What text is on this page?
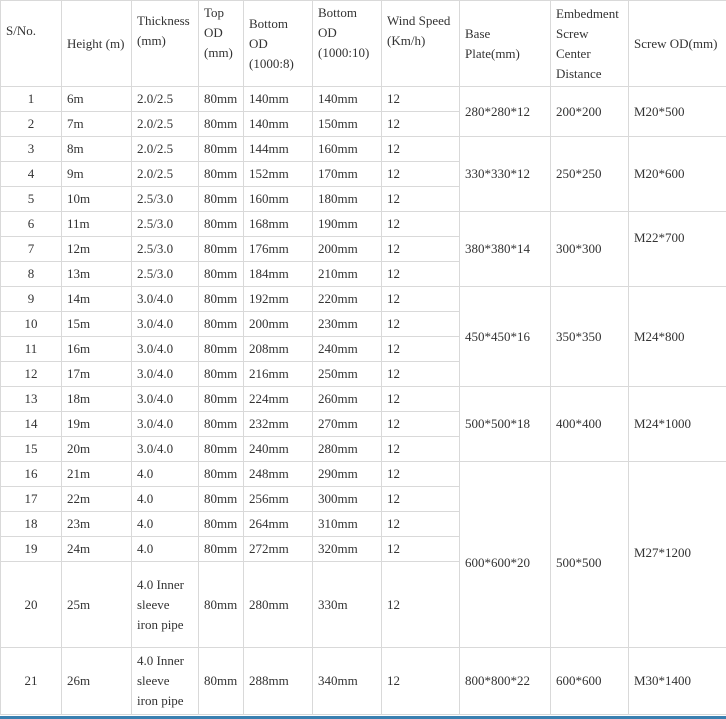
S/No.	Height (m)	Thickness (mm)	Top OD (mm)	Bottom OD (1000:8)	Bottom OD (1000:10)	Wind Speed (Km/h)	Base Plate(mm)	Embedment Screw Center Distance	Screw OD(mm)
1	6m	2.0/2.5	80mm	140mm	140mm	12	280*280*12	200*200	M20*500
2	7m	2.0/2.5	80mm	140mm	150mm	12			
3	8m	2.0/2.5	80mm	144mm	160mm	12	330*330*12	250*250	M20*600
4	9m	2.0/2.5	80mm	152mm	170mm	12			
5	10m	2.5/3.0	80mm	160mm	180mm	12			
6	11m	2.5/3.0	80mm	168mm	190mm	12	380*380*14	300*300	M22*700
7	12m	2.5/3.0	80mm	176mm	200mm	12			
8	13m	2.5/3.0	80mm	184mm	210mm	12			
9	14m	3.0/4.0	80mm	192mm	220mm	12	450*450*16	350*350	M24*800
10	15m	3.0/4.0	80mm	200mm	230mm	12			
11	16m	3.0/4.0	80mm	208mm	240mm	12			
12	17m	3.0/4.0	80mm	216mm	250mm	12			
13	18m	3.0/4.0	80mm	224mm	260mm	12	500*500*18	400*400	M24*1000
14	19m	3.0/4.0	80mm	232mm	270mm	12			
15	20m	3.0/4.0	80mm	240mm	280mm	12			
16	21m	4.0	80mm	248mm	290mm	12	600*600*20	500*500	M27*1200
17	22m	4.0	80mm	256mm	300mm	12			
18	23m	4.0	80mm	264mm	310mm	12			
19	24m	4.0	80mm	272mm	320mm	12			
20	25m	4.0 Inner sleeve iron pipe	80mm	280mm	330m	12			
21	26m	4.0 Inner sleeve iron pipe	80mm	288mm	340mm	12	800*800*22	600*600	M30*1400
